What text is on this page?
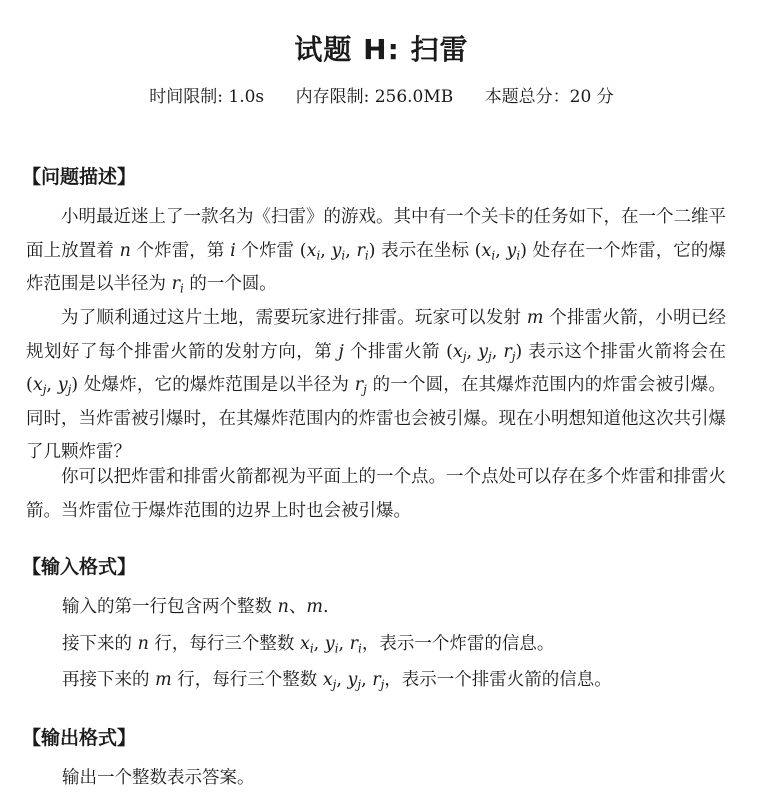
试题 H: 扫雷
时间限制: 1.0s 内存限制: 256.0MB 本题总分：20 分
【问题描述】

小明最近迷上了一款名为《扫雷》的游戏。其中有一个关卡的任务如下，在一个二维平面上放置着 n 个炸雷，第 i 个炸雷 ($x_i$, $y_i$, $r_i$) 表示在坐标 ($x_i$, $y_i$) 处存在一个炸雷，它的爆炸范围是以半径为 $r_i$ 的一个圆。

为了顺利通过这片土地，需要玩家进行排雷。玩家可以发射 m 个排雷火箭，小明已经规划好了每个排雷火箭的发射方向，第 j 个排雷火箭 ($x_j$, $y_j$, $r_j$) 表示这个排雷火箭将会在 ($x_j$, $y_j$) 处爆炸，它的爆炸范围是以半径为 $r_j$ 的一个圆，在其爆炸范围内的炸雷会被引爆。同时，当炸雷被引爆时，在其爆炸范围内的炸雷也会被引爆。现在小明想知道他这次共引爆了几颗炸雷？

你可以把炸雷和排雷火箭都视为平面上的一个点。一个点处可以存在多个炸雷和排雷火箭。当炸雷位于爆炸范围的边界上时也会被引爆。

【输入格式】

输入的第一行包含两个整数 n、m.

接下来的 n 行，每行三个整数 $x_i$, $y_i$, $r_i$，表示一个炸雷的信息。

再接下来的 m 行，每行三个整数 $x_j$, $y_j$, $r_j$，表示一个排雷火箭的信息。

【输出格式】

输出一个整数表示答案。
